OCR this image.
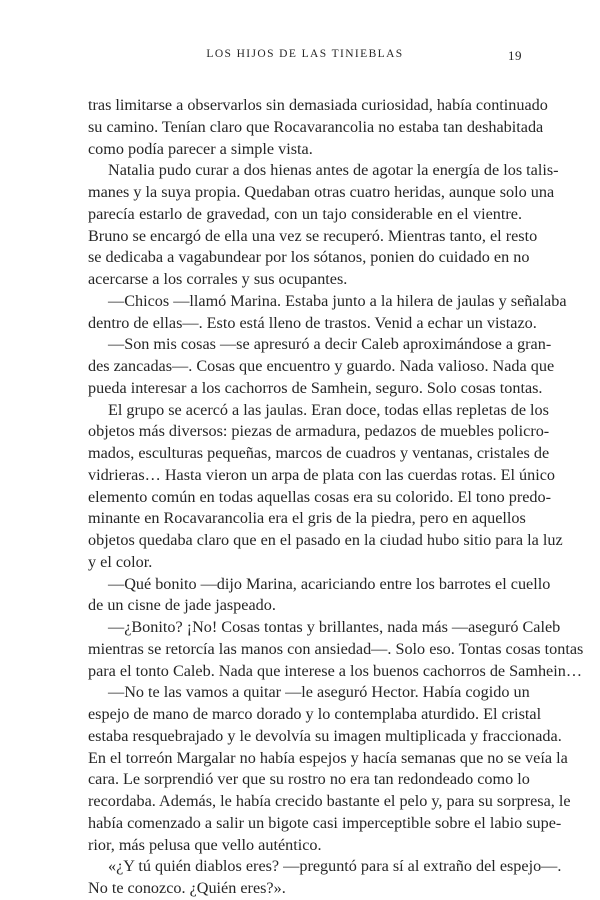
LOS HIJOS DE LAS TINIEBLAS	19
tras limitarse a observarlos sin demasiada curiosidad, había continuado
su camino. Tenían claro que Rocavarancolia no estaba tan deshabitada
como podía parecer a simple vista.
Natalia pudo curar a dos hienas antes de agotar la energía de los talis-
manes y la suya propia. Quedaban otras cuatro heridas, aunque solo una
parecía estarlo de gravedad, con un tajo considerable en el vientre.
Bruno se encargó de ella una vez se recuperó. Mientras tanto, el resto
se dedicaba a vagabundear por los sótanos, ponien do cuidado en no
acercarse a los corrales y sus ocupantes.
—Chicos —llamó Marina. Estaba junto a la hilera de jaulas y señalaba
dentro de ellas—. Esto está lleno de trastos. Venid a echar un vistazo.
—Son mis cosas —se apresuró a decir Caleb aproximándose a gran-
des zancadas—. Cosas que encuentro y guardo. Nada valioso. Nada que
pueda interesar a los cachorros de Samhein, seguro. Solo cosas tontas.
El grupo se acercó a las jaulas. Eran doce, todas ellas repletas de los
objetos más diversos: piezas de armadura, pedazos de muebles policro-
mados, esculturas pequeñas, marcos de cuadros y ventanas, cristales de
vidrieras… Hasta vieron un arpa de plata con las cuerdas rotas. El único
elemento común en todas aquellas cosas era su colorido. El tono predo-
minante en Rocavarancolia era el gris de la piedra, pero en aquellos
objetos quedaba claro que en el pasado en la ciudad hubo sitio para la luz
y el color.
—Qué bonito —dijo Marina, acariciando entre los barrotes el cuello
de un cisne de jade jaspeado.
—¿Bonito? ¡No! Cosas tontas y brillantes, nada más —aseguró Caleb
mientras se retorcía las manos con ansiedad—. Solo eso. Tontas cosas tontas
para el tonto Caleb. Nada que interese a los buenos cachorros de Samhein…
—No te las vamos a quitar —le aseguró Hector. Había cogido un
espejo de mano de marco dorado y lo contemplaba aturdido. El cristal
estaba resquebrajado y le devolvía su imagen multiplicada y fraccionada.
En el torreón Margalar no había espejos y hacía semanas que no se veía la
cara. Le sorprendió ver que su rostro no era tan redondeado como lo
recordaba. Además, le había crecido bastante el pelo y, para su sorpresa, le
había comenzado a salir un bigote casi imperceptible sobre el labio supe-
rior, más pelusa que vello auténtico.
«¿Y tú quién diablos eres? —preguntó para sí al extraño del espejo—.
No te conozco. ¿Quién eres?».
